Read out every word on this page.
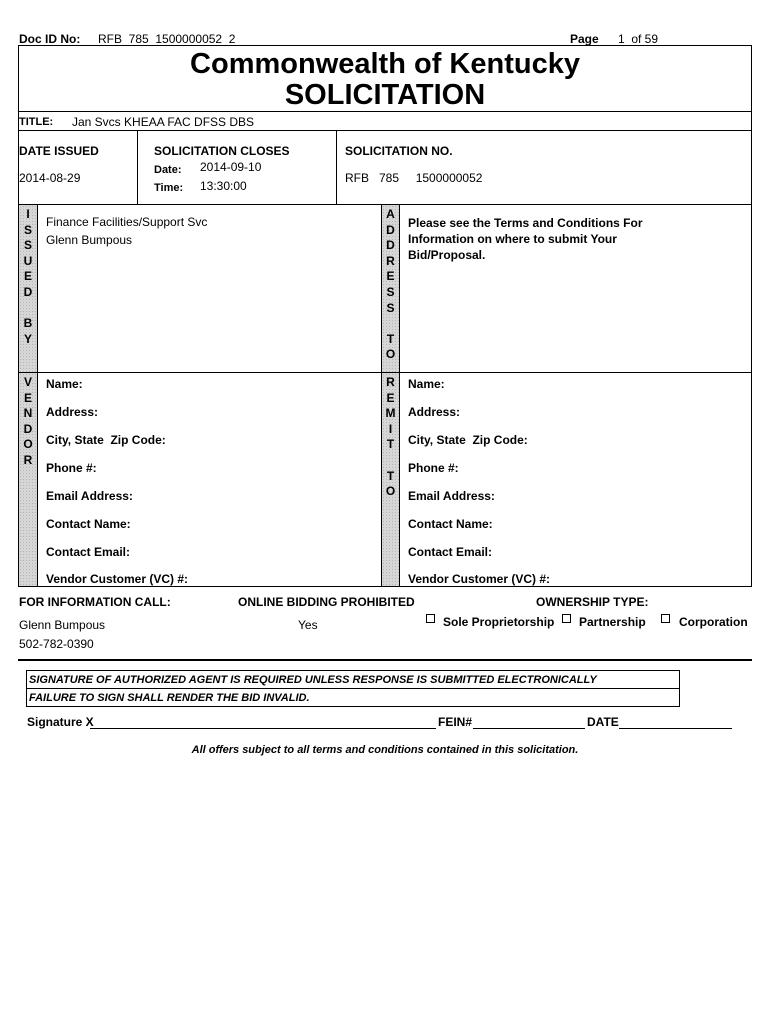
Doc ID No: RFB  785  1500000052  2	Page 1  of 59
Commonwealth of Kentucky
SOLICITATION
TITLE: Jan Svcs KHEAA FAC DFSS DBS
DATE ISSUED
2014-08-29
SOLICITATION CLOSES
Date: 2014-09-10
Time: 13:30:00
SOLICITATION NO.
RFB   785     1500000052
I
S
S
U
E
D
B
Y
Finance Facilities/Support Svc
Glenn Bumpous
A
D
D
R
E
S
S
T
O
Please see the Terms and Conditions For Information on where to submit Your Bid/Proposal.
V
E
N
D
O
R
Name:
Address:
City, State  Zip Code:
Phone #:
Email Address:
Contact Name:
Contact Email:
Vendor Customer (VC) #:
R
E
M
I
T
T
O
Name:
Address:
City, State  Zip Code:
Phone #:
Email Address:
Contact Name:
Contact Email:
Vendor Customer (VC) #:
FOR INFORMATION CALL:
Glenn Bumpous
502-782-0390
ONLINE BIDDING PROHIBITED
Yes
OWNERSHIP TYPE:
Sole Proprietorship Partnership	Corporation
SIGNATURE OF AUTHORIZED AGENT IS REQUIRED UNLESS RESPONSE IS SUBMITTED ELECTRONICALLY
FAILURE TO SIGN SHALL RENDER THE BID INVALID.
Signature X	FEIN#	DATE
All offers subject to all terms and conditions contained in this solicitation.
